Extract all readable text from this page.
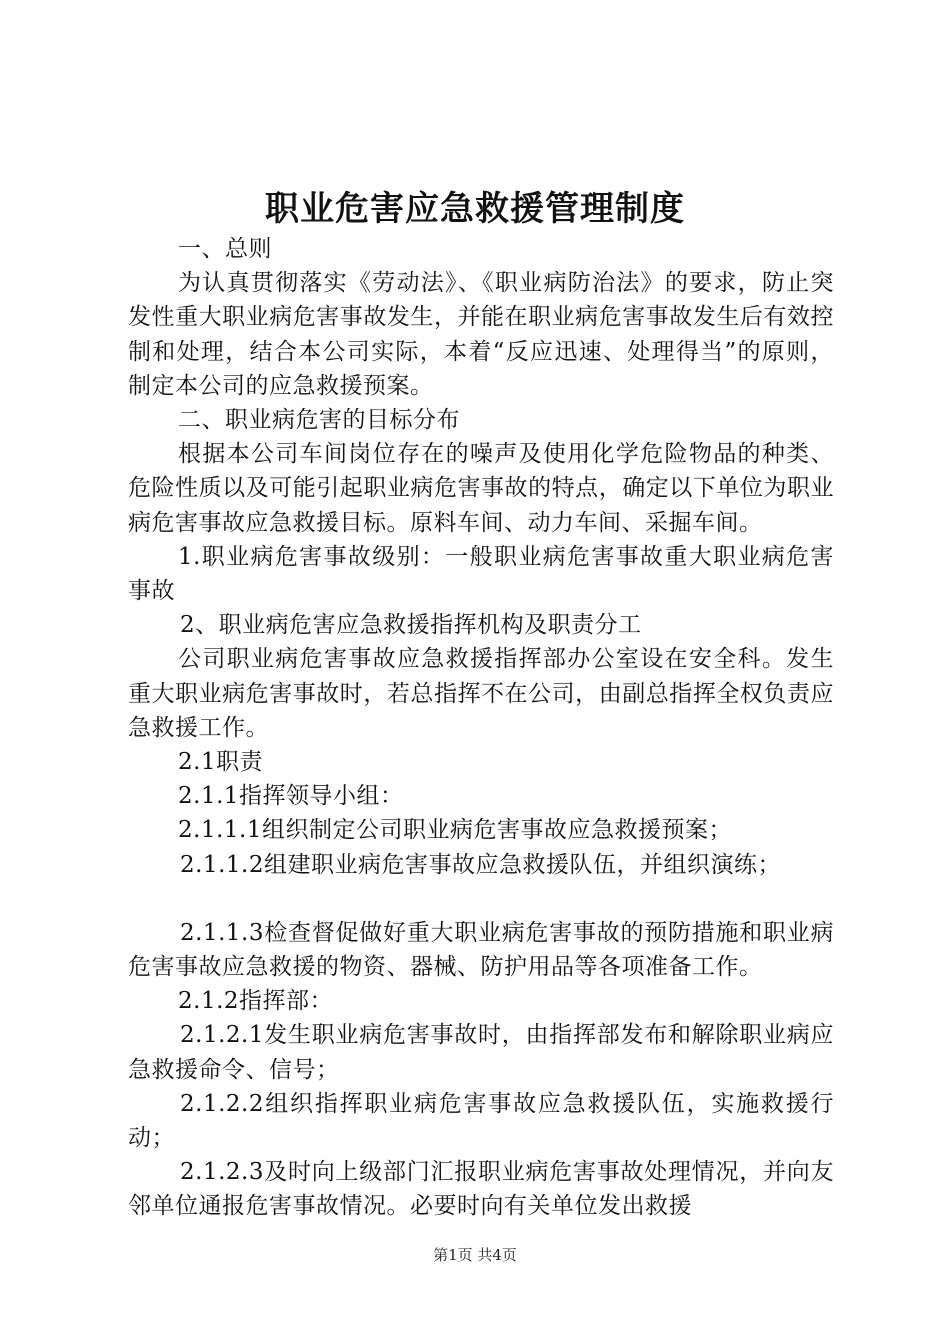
职业危害应急救援管理制度

一、总则

为认真贯彻落实《劳动法》、《职业病防治法》的要求，防止突发性重大职业病危害事故发生，并能在职业病危害事故发生后有效控制和处理，结合本公司实际，本着“反应迅速、处理得当”的原则，制定本公司的应急救援预案。

二、职业病危害的目标分布

根据本公司车间岗位存在的噪声及使用化学危险物品的种类、危险性质以及可能引起职业病危害事故的特点，确定以下单位为职业病危害事故应急救援目标。原料车间、动力车间、采掘车间。

1.职业病危害事故级别：一般职业病危害事故重大职业病危害事故

2、职业病危害应急救援指挥机构及职责分工

公司职业病危害事故应急救援指挥部办公室设在安全科。发生重大职业病危害事故时，若总指挥不在公司，由副总指挥全权负责应急救援工作。

2.1职责

2.1.1指挥领导小组：

2.1.1.1组织制定公司职业病危害事故应急救援预案；

2.1.1.2组建职业病危害事故应急救援队伍，并组织演练；

2.1.1.3检查督促做好重大职业病危害事故的预防措施和职业病危害事故应急救援的物资、器械、防护用品等各项准备工作。

2.1.2指挥部：

2.1.2.1发生职业病危害事故时，由指挥部发布和解除职业病应急救援命令、信号；

2.1.2.2组织指挥职业病危害事故应急救援队伍，实施救援行动；

2.1.2.3及时向上级部门汇报职业病危害事故处理情况，并向友邻单位通报危害事故情况。必要时向有关单位发出救援

第1页 共4页
